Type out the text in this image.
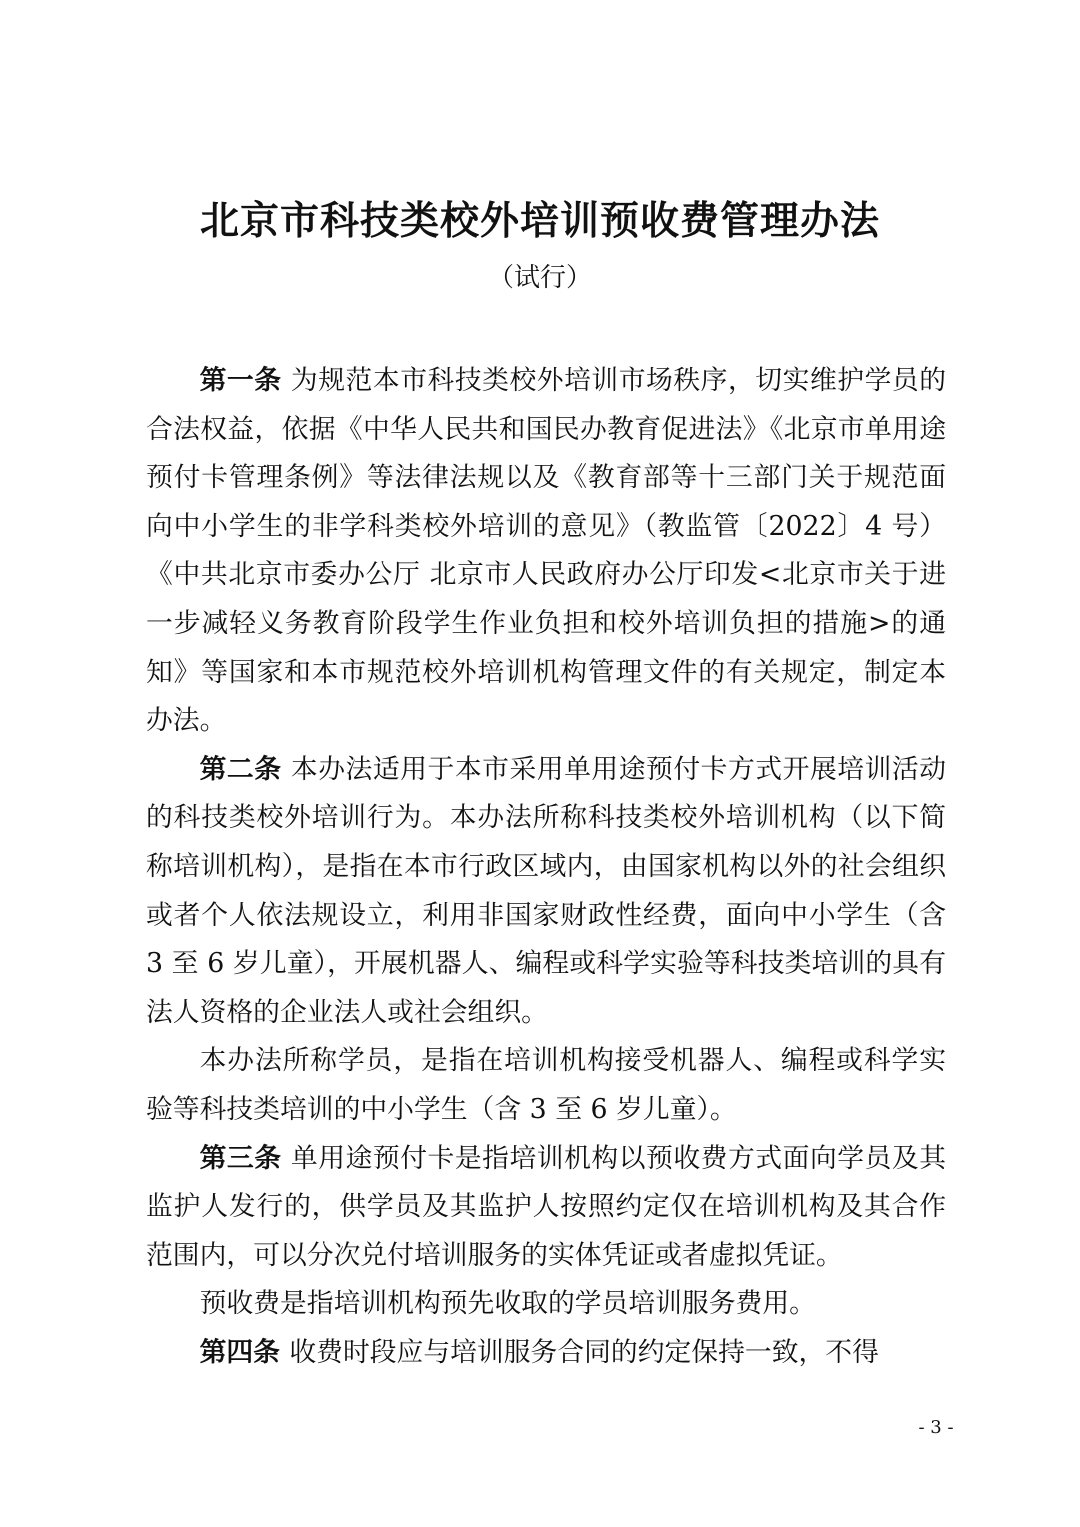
北京市科技类校外培训预收费管理办法
（试行）

第一条 为规范本市科技类校外培训市场秩序，切实维护学员的合法权益，依据《中华人民共和国民办教育促进法》《北京市单用途预付卡管理条例》等法律法规以及《教育部等十三部门关于规范面向中小学生的非学科类校外培训的意见》（教监管〔2022〕4 号）《中共北京市委办公厅 北京市人民政府办公厅印发<北京市关于进一步减轻义务教育阶段学生作业负担和校外培训负担的措施>的通知》等国家和本市规范校外培训机构管理文件的有关规定，制定本办法。

第二条 本办法适用于本市采用单用途预付卡方式开展培训活动的科技类校外培训行为。本办法所称科技类校外培训机构（以下简称培训机构），是指在本市行政区域内，由国家机构以外的社会组织或者个人依法规设立，利用非国家财政性经费，面向中小学生（含 3 至 6 岁儿童），开展机器人、编程或科学实验等科技类培训的具有法人资格的企业法人或社会组织。

本办法所称学员，是指在培训机构接受机器人、编程或科学实验等科技类培训的中小学生（含 3 至 6 岁儿童）。

第三条 单用途预付卡是指培训机构以预收费方式面向学员及其监护人发行的，供学员及其监护人按照约定仅在培训机构及其合作范围内，可以分次兑付培训服务的实体凭证或者虚拟凭证。

预收费是指培训机构预先收取的学员培训服务费用。

第四条 收费时段应与培训服务合同的约定保持一致，不得

- 3 -
